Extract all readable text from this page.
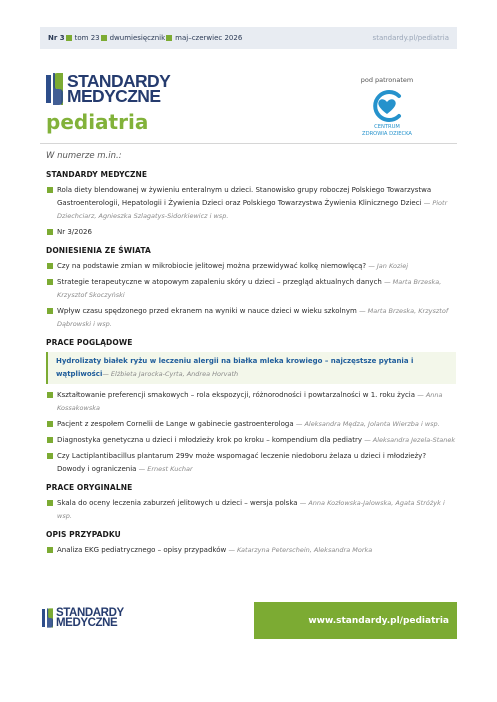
Nr 3 tom 23 dwumiesięcznik maj–czerwiec 2026	standardy.pl/pediatria
STANDARDY
MEDYCZNE
pediatria
pod patronatem
CENTRUM
ZDROWIA DZIECKA
W numerze m.in.:
STANDARDY MEDYCZNE
Rola diety blendowanej w żywieniu enteralnym u dzieci. Stanowisko grupy roboczej Polskiego Towarzystwa Gastroenterologii, Hepatologii i Żywienia Dzieci oraz Polskiego Towarzystwa Żywienia Klinicznego Dzieci — Piotr Dziechciarz, Agnieszka Szlagatys-Sidorkiewicz i wsp.
Nr 3/2026
DONIESIENIA ZE ŚWIATA
Czy na podstawie zmian w mikrobiocie jelitowej można przewidywać kolkę niemowlęcą? — Jan Koziej
Strategie terapeutyczne w atopowym zapaleniu skóry u dzieci – przegląd aktualnych danych — Marta Brzeska, Krzysztof Skoczyński
Wpływ czasu spędzonego przed ekranem na wyniki w nauce dzieci w wieku szkolnym — Marta Brzeska, Krzysztof Dąbrowski i wsp.
PRACE POGLĄDOWE
Hydrolizaty białek ryżu w leczeniu alergii na białka mleka krowiego – najczęstsze pytania i wątpliwości— Elżbieta Jarocka-Cyrta, Andrea Horvath
Kształtowanie preferencji smakowych – rola ekspozycji, różnorodności i powtarzalności w 1. roku życia — Anna Kossakowska
Pacjent z zespołem Cornelii de Lange w gabinecie gastroenterologa — Aleksandra Mędza, Jolanta Wierzba i wsp.
Diagnostyka genetyczna u dzieci i młodzieży krok po kroku – kompendium dla pediatry — Aleksandra Jezela-Stanek
Czy Lactiplantibacillus plantarum 299v może wspomagać leczenie niedoboru żelaza u dzieci i młodzieży? Dowody i ograniczenia — Ernest Kuchar
PRACE ORYGINALNE
Skala do oceny leczenia zaburzeń jelitowych u dzieci – wersja polska — Anna Kozłowska-Jalowska, Agata Stróżyk i wsp.
OPIS PRZYPADKU
Analiza EKG pediatrycznego – opisy przypadków — Katarzyna Peterschein, Aleksandra Morka
STANDARDY
MEDYCZNE	www.standardy.pl/pediatria
